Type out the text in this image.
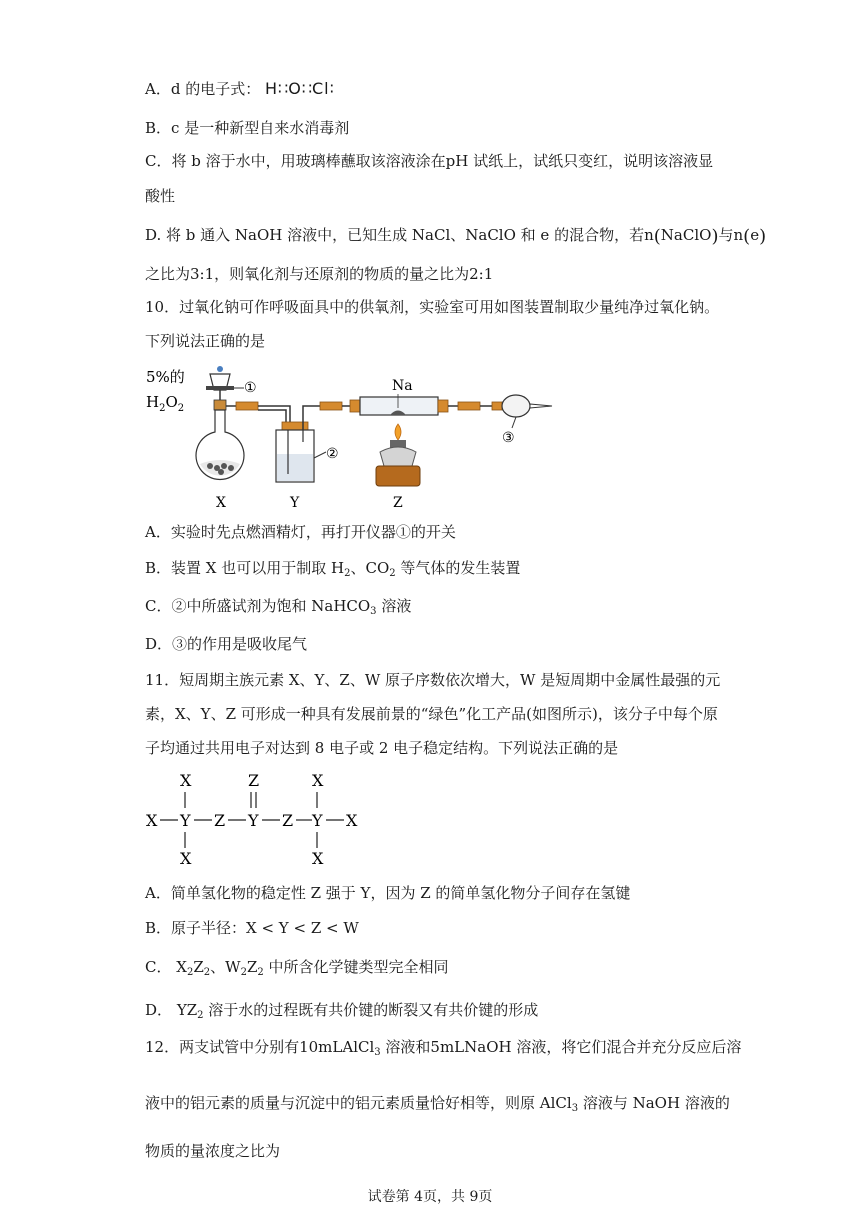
A．d 的电子式： H∷O∷Cl∶
B．c 是一种新型自来水消毒剂
C．将 b 溶于水中，用玻璃棒蘸取该溶液涂在pH 试纸上，试纸只变红，说明该溶液显
酸性
D. 将 b 通入 NaOH 溶液中，已知生成 NaCl、NaClO 和 e 的混合物，若n(NaClO)与n(e)
之比为3:1，则氧化剂与还原剂的物质的量之比为2:1
10．过氧化钠可作呼吸面具中的供氧剂，实验室可用如图装置制取少量纯净过氧化钠。
下列说法正确的是
5%的
$H_2O_2$
①
②
Na
③
X	Y	Z
A．实验时先点燃酒精灯，再打开仪器①的开关
B．装置 X 也可以用于制取 $H_2$、$CO_2$ 等气体的发生装置
C．②中所盛试剂为饱和 NaHCO$_3$ 溶液
D．③的作用是吸收尾气
11．短周期主族元素 X、Y、Z、W 原子序数依次增大，W 是短周期中金属性最强的元
素，X、Y、Z 可形成一种具有发展前景的“绿色”化工产品(如图所示)，该分子中每个原
子均通过共用电子对达到 8 电子或 2 电子稳定结构。下列说法正确的是
X	Z	X
X Y Z Y Z Y X
X	X
A．简单氢化物的稳定性 Z 强于 Y，因为 Z 的简单氢化物分子间存在氢键
B．原子半径：X < Y < Z < W
C． $X_2Z_2$、$W_2Z_2$ 中所含化学键类型完全相同
D． $YZ_2$ 溶于水的过程既有共价键的断裂又有共价键的形成
12．两支试管中分别有10mLAlCl$_3$ 溶液和5mLNaOH 溶液，将它们混合并充分反应后溶
液中的铝元素的质量与沉淀中的铝元素质量恰好相等，则原 AlCl$_3$ 溶液与 NaOH 溶液的
物质的量浓度之比为
试卷第 4页，共 9页
